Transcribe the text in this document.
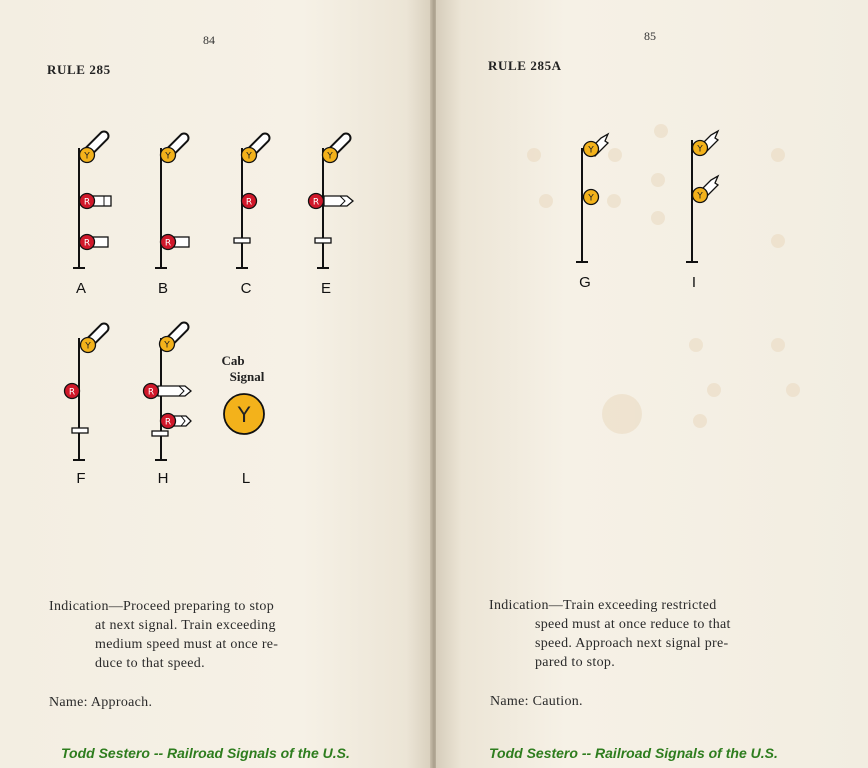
84
RULE 285
Y
R
R
A
Y
R
B
Y
R
C
Y
R
E
Y
R
F
Y
R
R
H
Y
L
Cab
Signal
Indication—Proceed preparing to stop
at next signal. Train exceeding
medium speed must at once re-
duce to that speed.
Name: Approach.
Todd Sestero -- Railroad Signals of the U.S.
85
RULE 285A
Y
Y
G
Y
Y
I
Indication—Train exceeding restricted
speed must at once reduce to that
speed. Approach next signal pre-
pared to stop.
Name: Caution.
Todd Sestero -- Railroad Signals of the U.S.
